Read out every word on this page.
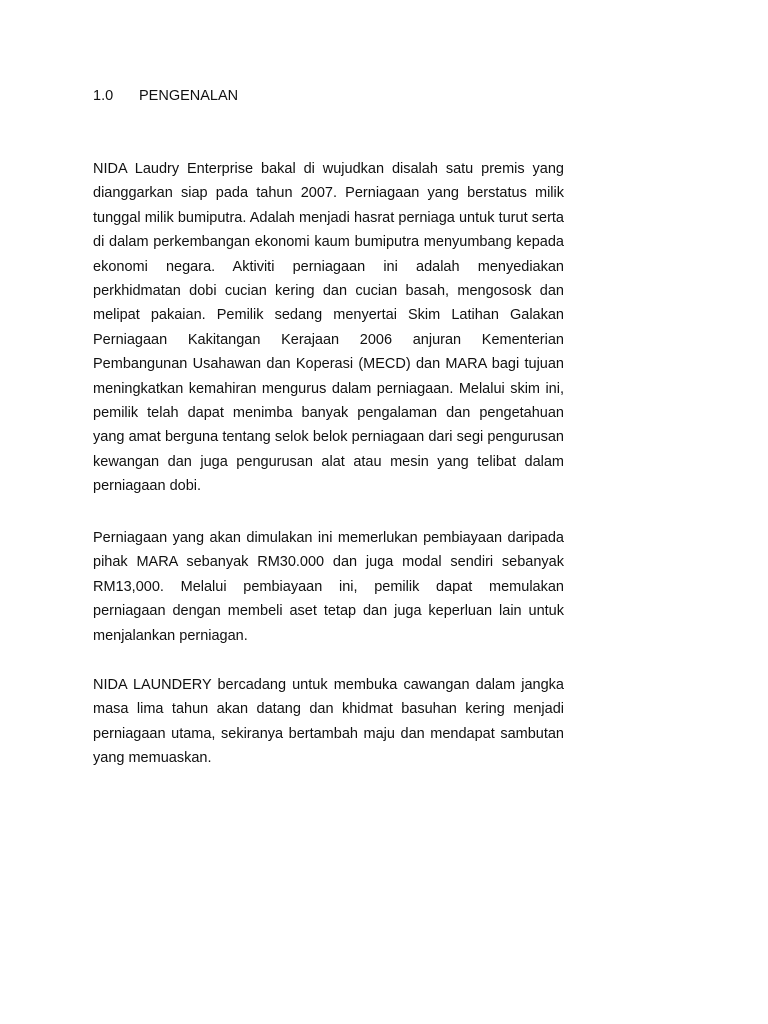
1.0 PENGENALAN

NIDA Laudry Enterprise bakal di wujudkan disalah satu premis yang dianggarkan siap pada tahun 2007. Perniagaan yang berstatus milik tunggal milik bumiputra. Adalah menjadi hasrat perniaga untuk turut serta di dalam perkembangan ekonomi kaum bumiputra menyumbang kepada ekonomi negara. Aktiviti perniagaan ini adalah menyediakan perkhidmatan dobi cucian kering dan cucian basah, mengososk dan melipat pakaian. Pemilik sedang menyertai Skim Latihan Galakan Perniagaan Kakitangan Kerajaan 2006 anjuran Kementerian Pembangunan Usahawan dan Koperasi (MECD) dan MARA bagi tujuan meningkatkan kemahiran mengurus dalam perniagaan. Melalui skim ini, pemilik telah dapat menimba banyak pengalaman dan pengetahuan yang amat berguna tentang selok belok perniagaan dari segi pengurusan kewangan dan juga pengurusan alat atau mesin yang telibat dalam perniagaan dobi.

Perniagaan yang akan dimulakan ini memerlukan pembiayaan daripada pihak MARA sebanyak RM30.000 dan juga modal sendiri sebanyak RM13,000. Melalui pembiayaan ini, pemilik dapat memulakan perniagaan dengan membeli aset tetap dan juga keperluan lain untuk menjalankan perniagan.

NIDA LAUNDERY bercadang untuk membuka cawangan dalam jangka masa lima tahun akan datang dan khidmat basuhan kering menjadi perniagaan utama, sekiranya bertambah maju dan mendapat sambutan yang memuaskan.
